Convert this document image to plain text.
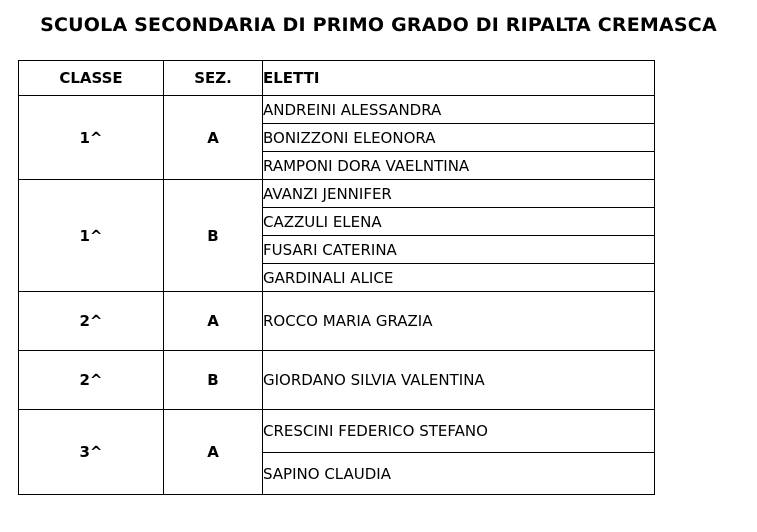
SCUOLA SECONDARIA DI PRIMO GRADO DI RIPALTA CREMASCA
CLASSE	SEZ.	ELETTI
1^	A	ANDREINI ALESSANDRA
		BONIZZONI ELEONORA
		RAMPONI DORA VAELNTINA
1^	B	AVANZI JENNIFER
		CAZZULI ELENA
		FUSARI CATERINA
		GARDINALI ALICE
2^	A	ROCCO MARIA GRAZIA
2^	B	GIORDANO SILVIA VALENTINA
3^	A	CRESCINI FEDERICO STEFANO
		SAPINO CLAUDIA
